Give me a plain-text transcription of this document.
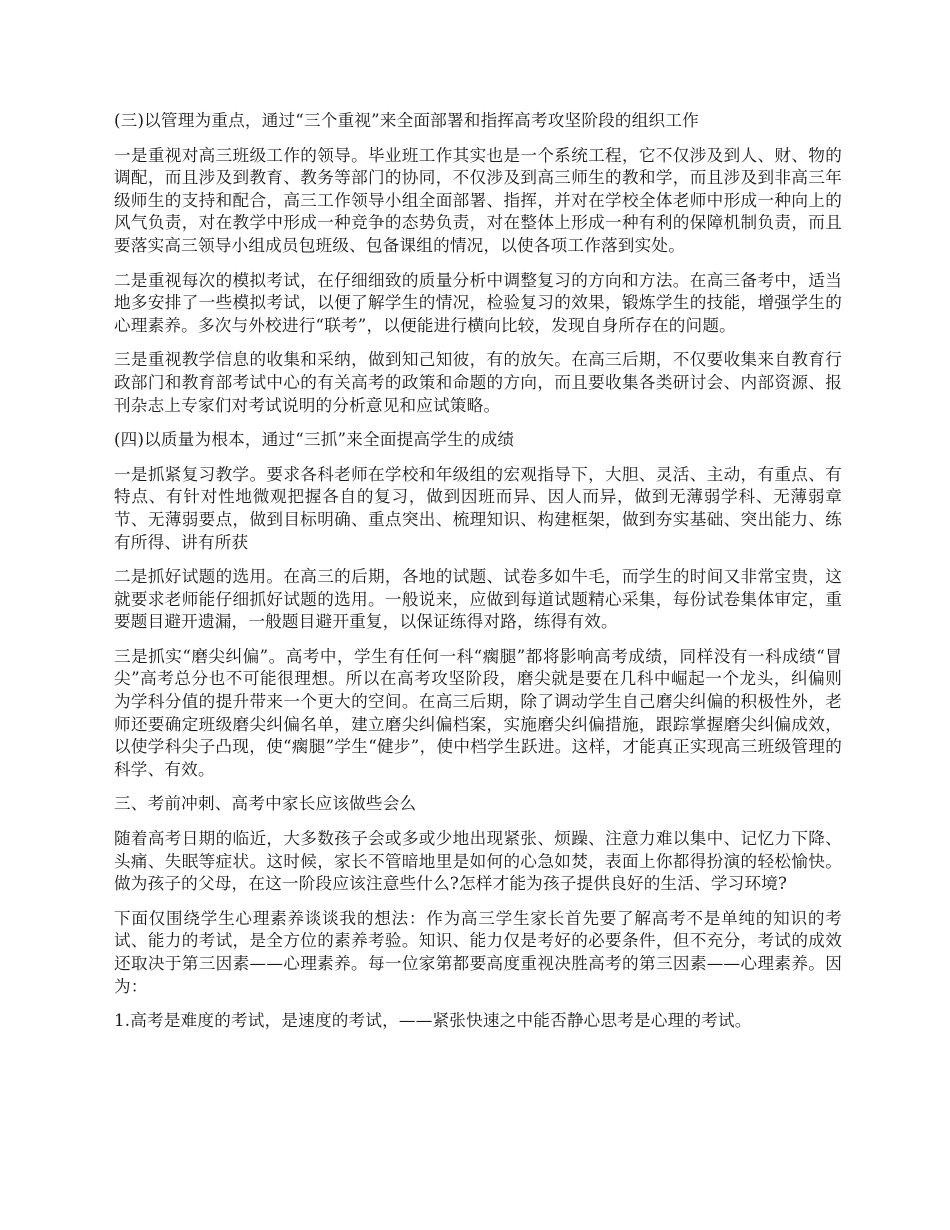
(三)以管理为重点，通过“三个重视”来全面部署和指挥高考攻坚阶段的组织工作

一是重视对高三班级工作的领导。毕业班工作其实也是一个系统工程，它不仅涉及到人、财、物的调配，而且涉及到教育、教务等部门的协同，不仅涉及到高三师生的教和学，而且涉及到非高三年级师生的支持和配合，高三工作领导小组全面部署、指挥，并对在学校全体老师中形成一种向上的风气负责，对在教学中形成一种竞争的态势负责，对在整体上形成一种有利的保障机制负责，而且要落实高三领导小组成员包班级、包备课组的情况，以使各项工作落到实处。

二是重视每次的模拟考试，在仔细细致的质量分析中调整复习的方向和方法。在高三备考中，适当地多安排了一些模拟考试，以便了解学生的情况，检验复习的效果，锻炼学生的技能，增强学生的心理素养。多次与外校进行“联考”，以便能进行横向比较，发现自身所存在的问题。

三是重视教学信息的收集和采纳，做到知己知彼，有的放矢。在高三后期，不仅要收集来自教育行政部门和教育部考试中心的有关高考的政策和命题的方向，而且要收集各类研讨会、内部资源、报刊杂志上专家们对考试说明的分析意见和应试策略。

(四)以质量为根本，通过“三抓”来全面提高学生的成绩

一是抓紧复习教学。要求各科老师在学校和年级组的宏观指导下，大胆、灵活、主动，有重点、有特点、有针对性地微观把握各自的复习，做到因班而异、因人而异，做到无薄弱学科、无薄弱章节、无薄弱要点，做到目标明确、重点突出、梳理知识、构建框架，做到夯实基础、突出能力、练有所得、讲有所获

二是抓好试题的选用。在高三的后期，各地的试题、试卷多如牛毛，而学生的时间又非常宝贵，这就要求老师能仔细抓好试题的选用。一般说来，应做到每道试题精心采集，每份试卷集体审定，重要题目避开遗漏，一般题目避开重复，以保证练得对路，练得有效。

三是抓实“磨尖纠偏”。高考中，学生有任何一科“瘸腿”都将影响高考成绩，同样没有一科成绩“冒尖”高考总分也不可能很理想。所以在高考攻坚阶段，磨尖就是要在几科中崛起一个龙头，纠偏则为学科分值的提升带来一个更大的空间。在高三后期，除了调动学生自己磨尖纠偏的积极性外，老师还要确定班级磨尖纠偏名单，建立磨尖纠偏档案，实施磨尖纠偏措施，跟踪掌握磨尖纠偏成效，以使学科尖子凸现，使“瘸腿”学生“健步”，使中档学生跃进。这样，才能真正实现高三班级管理的科学、有效。

三、考前冲刺、高考中家长应该做些会么

随着高考日期的临近，大多数孩子会或多或少地出现紧张、烦躁、注意力难以集中、记忆力下降、头痛、失眠等症状。这时候，家长不管暗地里是如何的心急如焚，表面上你都得扮演的轻松愉快。做为孩子的父母，在这一阶段应该注意些什么?怎样才能为孩子提供良好的生活、学习环境?

下面仅围绕学生心理素养谈谈我的想法：作为高三学生家长首先要了解高考不是单纯的知识的考试、能力的考试，是全方位的素养考验。知识、能力仅是考好的必要条件，但不充分，考试的成效还取决于第三因素——心理素养。每一位家第都要高度重视决胜高考的第三因素——心理素养。因为：

1.高考是难度的考试，是速度的考试，——紧张快速之中能否静心思考是心理的考试。
